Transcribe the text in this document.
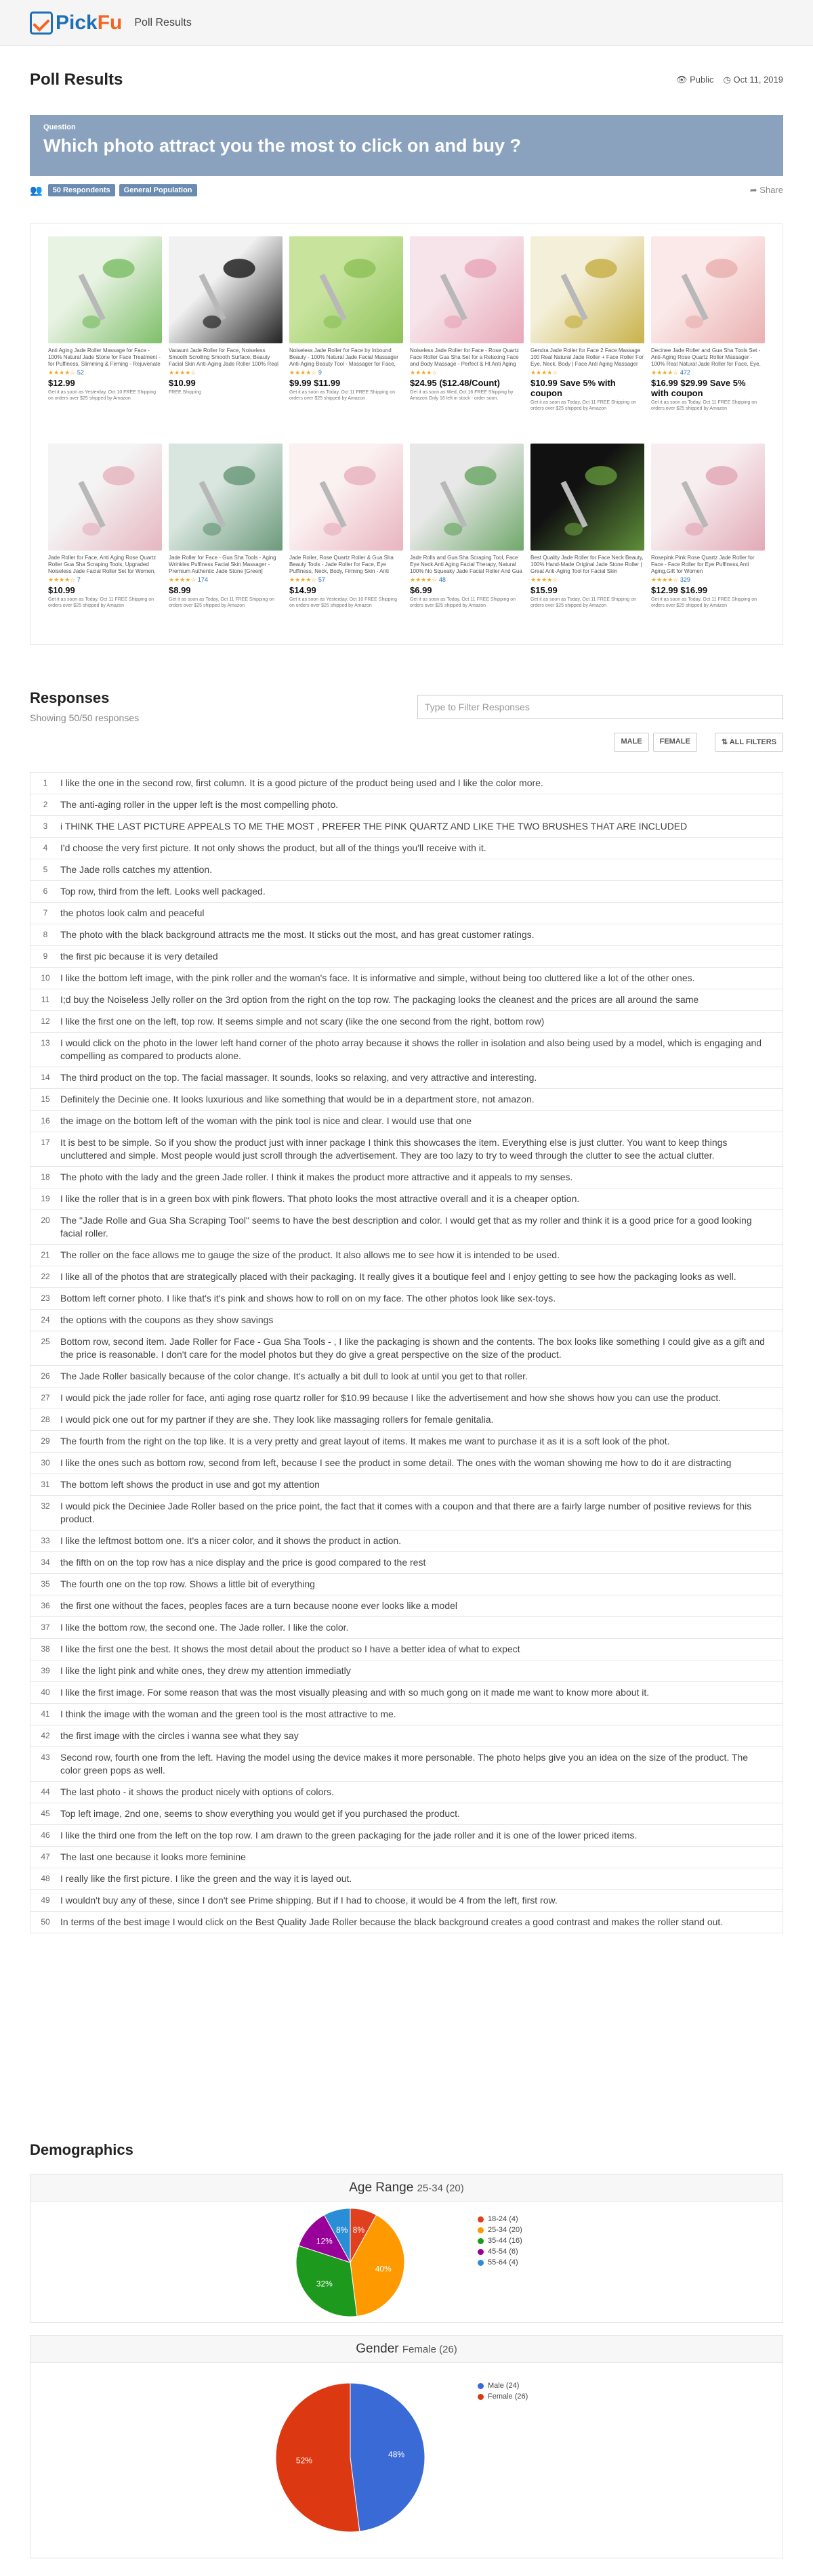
Pick Fu Poll Results
Poll Results	👁 Public ◷ Oct 11, 2019
Question
Which photo attract you the most to click on and buy ?
👥	50 Respondents	General Population	➦ Share
Anti Aging Jade Roller Massage for Face - 100% Natural Jade Stone for Face Treatment - for Puffiness, Slimming & Firming - Rejuvenate
★★★★☆ 52
$12.99
Get it as soon as Yesterday, Oct 10 FREE Shipping on orders over $25 shipped by Amazon
Vaoaunt Jade Roller for Face, Noiseless Smooth Scrolling Smooth Surface, Beauty Facial Skin Anti-Aging Jade Roller 100% Real
★★★★☆
$10.99
FREE Shipping
Noiseless Jade Roller for Face by Inbound Beauty - 100% Natural Jade Facial Massager Anti-Aging Beauty Tool - Massager for Face,
★★★★☆ 9
$9.99 $11.99
Get it as soon as Today, Oct 11 FREE Shipping on orders over $25 shipped by Amazon
Noiseless Jade Roller for Face - Rose Quartz Face Roller Gua Sha Set for a Relaxing Face and Body Massage - Perfect & Ht Anti Aging
★★★★☆
$24.95 ($12.48/Count)
Get it as soon as Wed, Oct 16 FREE Shipping by Amazon Only 16 left in stock - order soon.
Gendra Jade Roller for Face 2 Face Massage 100 Real Natural Jade Roller + Face Roller For Eye, Neck, Body | Face Anti Aging Massager
★★★★☆
$10.99 Save 5% with coupon
Get it as soon as Today, Oct 11 FREE Shipping on orders over $25 shipped by Amazon
Decinee Jade Roller and Gua Sha Tools Set - Anti-Aging Rose Quartz Roller Massager - 100% Real Natural Jade Roller for Face, Eye,
★★★★☆ 472
$16.99 $29.99 Save 5% with coupon
Get it as soon as Today, Oct 11 FREE Shipping on orders over $25 shipped by Amazon
Jade Roller for Face, Anti Aging Rose Quartz Roller Gua Sha Scraping Tools, Upgraded Noiseless Jade Facial Roller Set for Women,
★★★★☆ 7
$10.99
Get it as soon as Today, Oct 11 FREE Shipping on orders over $25 shipped by Amazon
Jade Roller for Face - Gua Sha Tools - Aging Wrinkles Puffiness Facial Skin Massager - Premium Authentic Jade Stone [Green]
★★★★☆ 174
$8.99
Get it as soon as Today, Oct 11 FREE Shipping on orders over $25 shipped by Amazon
Jade Roller, Rose Quartz Roller & Gua Sha Beauty Tools - Jade Roller for Face, Eye Puffiness, Neck, Body, Firming Skin - Anti
★★★★☆ 57
$14.99
Get it as soon as Yesterday, Oct 10 FREE Shipping on orders over $25 shipped by Amazon
Jade Rolls and Gua Sha Scraping Tool, Face Eye Neck Anti Aging Facial Therapy, Natural 100% No Squeaky Jade Facial Roller And Gua
★★★★☆ 48
$6.99
Get it as soon as Today, Oct 11 FREE Shipping on orders over $25 shipped by Amazon
Best Quality Jade Roller for Face Neck Beauty, 100% Hand-Made Original Jade Stone Roller | Great Anti-Aging Tool for Facial Skin
★★★★☆
$15.99
Get it as soon as Today, Oct 11 FREE Shipping on orders over $25 shipped by Amazon
Rosepink Pink Rose Quartz Jade Roller for Face - Face Roller for Eye Puffiness,Anti Aging,Gift for Women
★★★★☆ 329
$12.99 $16.99
Get it as soon as Today, Oct 11 FREE Shipping on orders over $25 shipped by Amazon
Responses
Showing 50/50 responses
Type to Filter Responses
MALE	FEMALE	⇅ ALL FILTERS
1	I like the one in the second row, first column. It is a good picture of the product being used and I like the color more.
2	The anti-aging roller in the upper left is the most compelling photo.
3	i THINK THE LAST PICTURE APPEALS TO ME THE MOST , PREFER THE PINK QUARTZ AND LIKE THE TWO BRUSHES THAT ARE INCLUDED
4	I'd choose the very first picture. It not only shows the product, but all of the things you'll receive with it.
5	The Jade rolls catches my attention.
6	Top row, third from the left. Looks well packaged.
7	the photos look calm and peaceful
8	The photo with the black background attracts me the most. It sticks out the most, and has great customer ratings.
9	the first pic because it is very detailed
10	I like the bottom left image, with the pink roller and the woman's face. It is informative and simple, without being too cluttered like a lot of the other ones.
11	I;d buy the Noiseless Jelly roller on the 3rd option from the right on the top row. The packaging looks the cleanest and the prices are all around the same
12	I like the first one on the left, top row. It seems simple and not scary (like the one second from the right, bottom row)
13	I would click on the photo in the lower left hand corner of the photo array because it shows the roller in isolation and also being used by a model, which is engaging and compelling as compared to products alone.
14	The third product on the top. The facial massager. It sounds, looks so relaxing, and very attractive and interesting.
15	Definitely the Decinie one. It looks luxurious and like something that would be in a department store, not amazon.
16	the image on the bottom left of the woman with the pink tool is nice and clear. I would use that one
17	It is best to be simple. So if you show the product just with inner package I think this showcases the item. Everything else is just clutter. You want to keep things uncluttered and simple. Most people would just scroll through the advertisement. They are too lazy to try to weed through the clutter to see the actual clutter.
18	The photo with the lady and the green Jade roller. I think it makes the product more attractive and it appeals to my senses.
19	I like the roller that is in a green box with pink flowers. That photo looks the most attractive overall and it is a cheaper option.
20	The "Jade Rolle and Gua Sha Scraping Tool" seems to have the best description and color. I would get that as my roller and think it is a good price for a good looking facial roller.
21	The roller on the face allows me to gauge the size of the product. It also allows me to see how it is intended to be used.
22	I like all of the photos that are strategically placed with their packaging. It really gives it a boutique feel and I enjoy getting to see how the packaging looks as well.
23	Bottom left corner photo. I like that's it's pink and shows how to roll on on my face. The other photos look like sex-toys.
24	the options with the coupons as they show savings
25	Bottom row, second item. Jade Roller for Face - Gua Sha Tools - , I like the packaging is shown and the contents. The box looks like something I could give as a gift and the price is reasonable. I don't care for the model photos but they do give a great perspective on the size of the product.
26	The Jade Roller basically because of the color change. It's actually a bit dull to look at until you get to that roller.
27	I would pick the jade roller for face, anti aging rose quartz roller for $10.99 because I like the advertisement and how she shows how you can use the product.
28	I would pick one out for my partner if they are she. They look like massaging rollers for female genitalia.
29	The fourth from the right on the top like. It is a very pretty and great layout of items. It makes me want to purchase it as it is a soft look of the phot.
30	I like the ones such as bottom row, second from left, because I see the product in some detail. The ones with the woman showing me how to do it are distracting
31	The bottom left shows the product in use and got my attention
32	I would pick the Deciniee Jade Roller based on the price point, the fact that it comes with a coupon and that there are a fairly large number of positive reviews for this product.
33	I like the leftmost bottom one. It's a nicer color, and it shows the product in action.
34	the fifth on on the top row has a nice display and the price is good compared to the rest
35	The fourth one on the top row. Shows a little bit of everything
36	the first one without the faces, peoples faces are a turn because noone ever looks like a model
37	I like the bottom row, the second one. The Jade roller. I like the color.
38	I like the first one the best. It shows the most detail about the product so I have a better idea of what to expect
39	I like the light pink and white ones, they drew my attention immediatly
40	I like the first image. For some reason that was the most visually pleasing and with so much gong on it made me want to know more about it.
41	I think the image with the woman and the green tool is the most attractive to me.
42	the first image with the circles i wanna see what they say
43	Second row, fourth one from the left. Having the model using the device makes it more personable. The photo helps give you an idea on the size of the product. The color green pops as well.
44	The last photo - it shows the product nicely with options of colors.
45	Top left image, 2nd one, seems to show everything you would get if you purchased the product.
46	I like the third one from the left on the top row. I am drawn to the green packaging for the jade roller and it is one of the lower priced items.
47	The last one because it looks more feminine
48	I really like the first picture. I like the green and the way it is layed out.
49	I wouldn't buy any of these, since I don't see Prime shipping. But if I had to choose, it would be 4 from the left, first row.
50	In terms of the best image I would click on the Best Quality Jade Roller because the black background creates a good contrast and makes the roller stand out.
Demographics
Age Range 25-34 (20)
8%
40%
32%
12%
8%
18-24 (4)
25-34 (20)
35-44 (16)
45-54 (6)
55-64 (4)
Gender Female (26)
48%
52%
Male (24)
Female (26)
